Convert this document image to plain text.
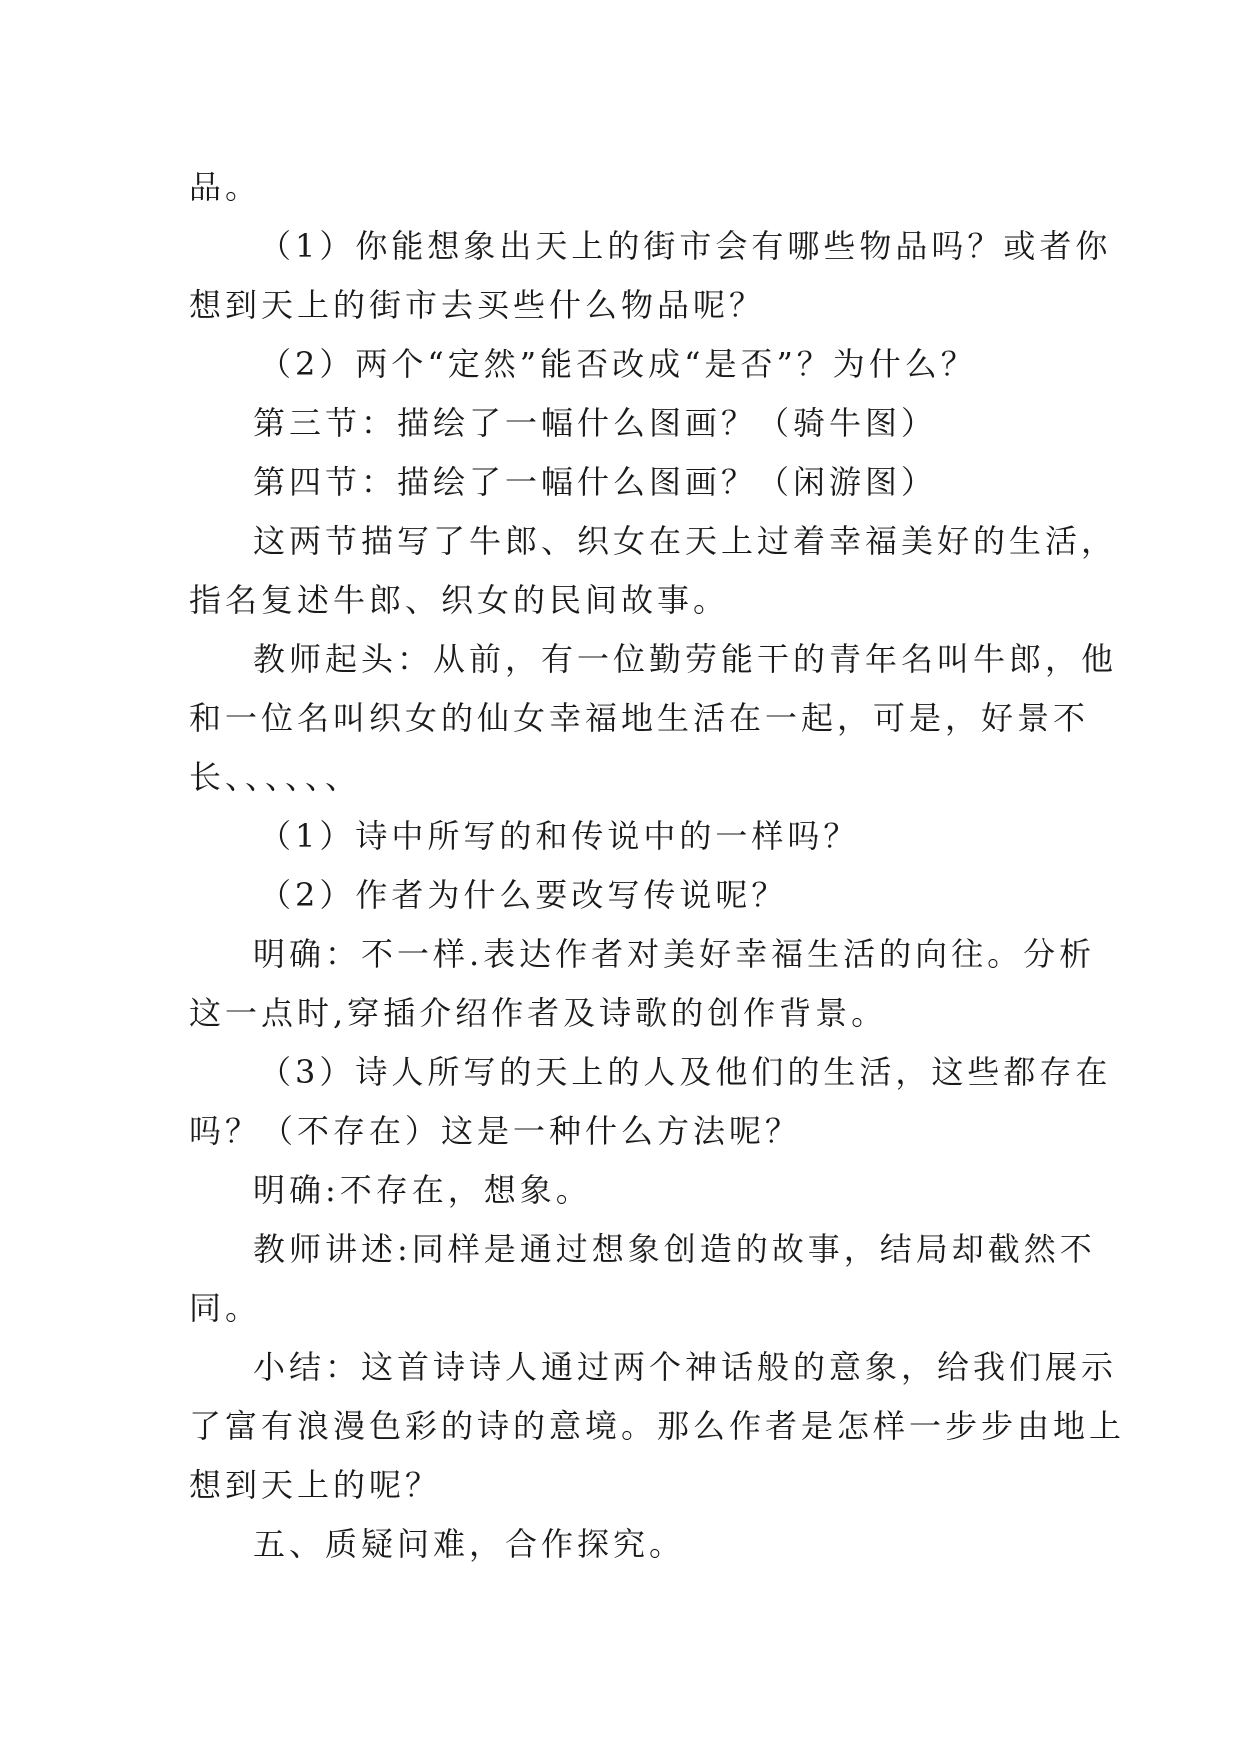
品。
（1）你能想象出天上的街市会有哪些物品吗？或者你
想到天上的街市去买些什么物品呢？
（2）两个“定然”能否改成“是否”？为什么？
第三节：描绘了一幅什么图画？（骑牛图）
第四节：描绘了一幅什么图画？（闲游图）
这两节描写了牛郎、织女在天上过着幸福美好的生活，
指名复述牛郎、织女的民间故事。
教师起头：从前，有一位勤劳能干的青年名叫牛郎，他
和一位名叫织女的仙女幸福地生活在一起，可是，好景不
长、、、、、、
（1）诗中所写的和传说中的一样吗？
（2）作者为什么要改写传说呢？
明确：不一样.表达作者对美好幸福生活的向往。分析
这一点时,穿插介绍作者及诗歌的创作背景。
（3）诗人所写的天上的人及他们的生活，这些都存在
吗？（不存在）这是一种什么方法呢？
明确:不存在，想象。
教师讲述:同样是通过想象创造的故事，结局却截然不
同。
小结：这首诗诗人通过两个神话般的意象，给我们展示
了富有浪漫色彩的诗的意境。那么作者是怎样一步步由地上
想到天上的呢？
五、质疑问难，合作探究。
